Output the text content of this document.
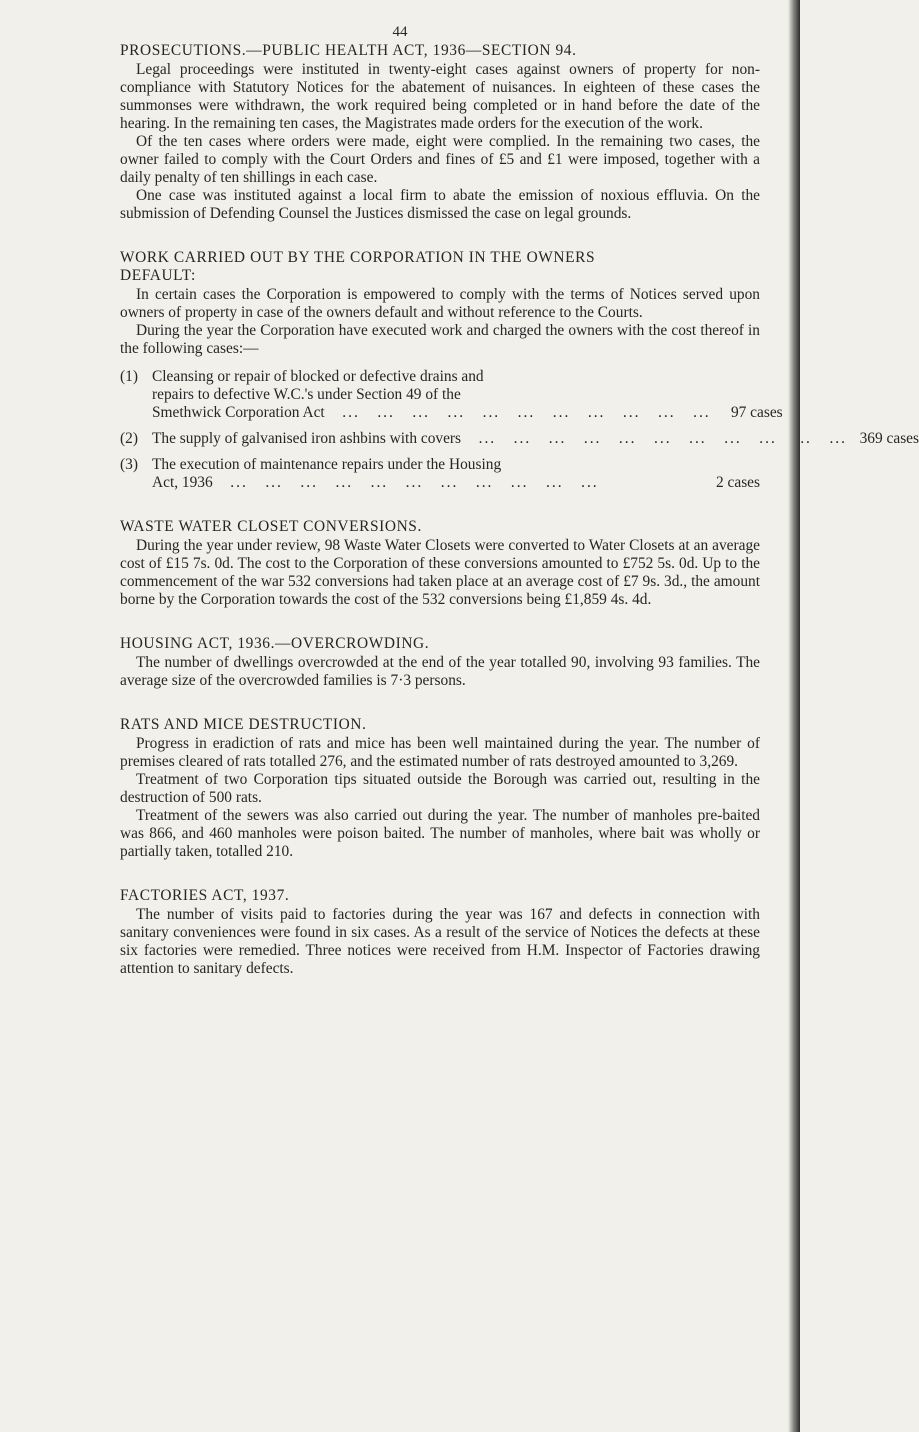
44
PROSECUTIONS.—PUBLIC HEALTH ACT, 1936—SECTION 94.

Legal proceedings were instituted in twenty-eight cases against owners of property for non-compliance with Statutory Notices for the abatement of nuisances. In eighteen of these cases the summonses were withdrawn, the work required being completed or in hand before the date of the hearing. In the remaining ten cases, the Magistrates made orders for the execution of the work.

Of the ten cases where orders were made, eight were complied. In the remaining two cases, the owner failed to comply with the Court Orders and fines of £5 and £1 were imposed, together with a daily penalty of ten shillings in each case.

One case was instituted against a local firm to abate the emission of noxious effluvia. On the submission of Defending Counsel the Justices dismissed the case on legal grounds.

WORK CARRIED OUT BY THE CORPORATION IN THE OWNERS
DEFAULT:

In certain cases the Corporation is empowered to comply with the terms of Notices served upon owners of property in case of the owners default and without reference to the Courts.

During the year the Corporation have executed work and charged the owners with the cost thereof in the following cases:—

(1) Cleansing or repair of blocked or defective drains and
repairs to defective W.C.'s under Section 49 of the
Smethwick Corporation Act ...	97 cases
(2) The supply of galvanised iron ashbins with covers ...	369 cases
(3) The execution of maintenance repairs under the Housing
Act, 1936 ...	2 cases
WASTE WATER CLOSET CONVERSIONS.

During the year under review, 98 Waste Water Closets were converted to Water Closets at an average cost of £15 7s. 0d. The cost to the Corporation of these conversions amounted to £752 5s. 0d. Up to the commencement of the war 532 conversions had taken place at an average cost of £7 9s. 3d., the amount borne by the Corporation towards the cost of the 532 conversions being £1,859 4s. 4d.

HOUSING ACT, 1936.—OVERCROWDING.

The number of dwellings overcrowded at the end of the year totalled 90, involving 93 families. The average size of the overcrowded families is 7·3 persons.

RATS AND MICE DESTRUCTION.

Progress in eradiction of rats and mice has been well maintained during the year. The number of premises cleared of rats totalled 276, and the estimated number of rats destroyed amounted to 3,269.

Treatment of two Corporation tips situated outside the Borough was carried out, resulting in the destruction of 500 rats.

Treatment of the sewers was also carried out during the year. The number of manholes pre-baited was 866, and 460 manholes were poison baited. The number of manholes, where bait was wholly or partially taken, totalled 210.

FACTORIES ACT, 1937.

The number of visits paid to factories during the year was 167 and defects in connection with sanitary conveniences were found in six cases. As a result of the service of Notices the defects at these six factories were remedied. Three notices were received from H.M. Inspector of Factories drawing attention to sanitary defects.
